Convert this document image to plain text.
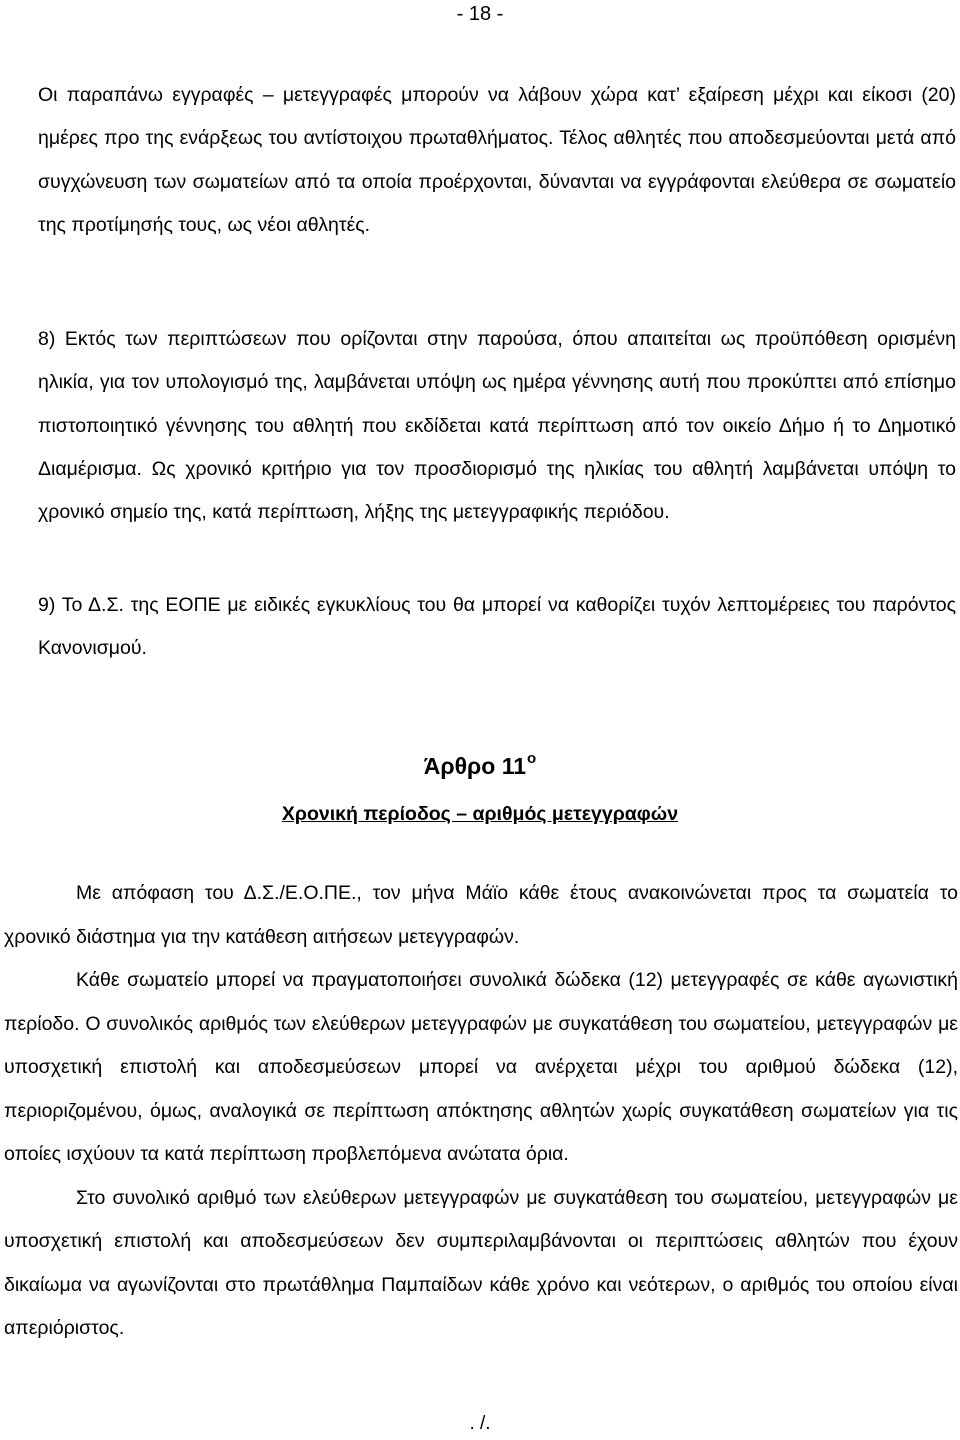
- 18 -

Οι παραπάνω εγγραφές – μετεγγραφές μπορούν να λάβουν χώρα κατ’ εξαίρεση μέχρι και είκοσι (20) ημέρες προ της ενάρξεως του αντίστοιχου πρωταθλήματος. Τέλος αθλητές που αποδεσμεύονται μετά από συγχώνευση των σωματείων από τα οποία προέρχονται, δύνανται να εγγράφονται ελεύθερα σε σωματείο της προτίμησής τους, ως νέοι αθλητές.

8) Εκτός των περιπτώσεων που ορίζονται στην παρούσα, όπου απαιτείται ως προϋπόθεση ορισμένη ηλικία, για τον υπολογισμό της, λαμβάνεται υπόψη ως ημέρα γέννησης αυτή που προκύπτει από επίσημο πιστοποιητικό γέννησης του αθλητή που εκδίδεται κατά περίπτωση από τον οικείο Δήμο ή το Δημοτικό Διαμέρισμα. Ως χρονικό κριτήριο για τον προσδιορισμό της ηλικίας του αθλητή λαμβάνεται υπόψη το χρονικό σημείο της, κατά περίπτωση, λήξης της μετεγγραφικής περιόδου.

9) Το Δ.Σ. της ΕΟΠΕ με ειδικές εγκυκλίους του θα μπορεί να καθορίζει τυχόν λεπτομέρειες του παρόντος Κανονισμού.

Άρθρο $11^o$
Χρονική περίοδος – αριθμός μετεγγραφών

Με απόφαση του Δ.Σ./Ε.Ο.ΠΕ., τον μήνα Μάϊο κάθε έτους ανακοινώνεται προς τα σωματεία το χρονικό διάστημα για την κατάθεση αιτήσεων μετεγγραφών.

Κάθε σωματείο μπορεί να πραγματοποιήσει συνολικά δώδεκα (12) μετεγγραφές σε κάθε αγωνιστική περίοδο. Ο συνολικός αριθμός των ελεύθερων μετεγγραφών με συγκατάθεση του σωματείου, μετεγγραφών με υποσχετική επιστολή και αποδεσμεύσεων μπορεί να ανέρχεται μέχρι του αριθμού δώδεκα (12), περιοριζομένου, όμως, αναλογικά σε περίπτωση απόκτησης αθλητών χωρίς συγκατάθεση σωματείων για τις οποίες ισχύουν τα κατά περίπτωση προβλεπόμενα ανώτατα όρια.

Στο συνολικό αριθμό των ελεύθερων μετεγγραφών με συγκατάθεση του σωματείου, μετεγγραφών με υποσχετική επιστολή και αποδεσμεύσεων δεν συμπεριλαμβάνονται οι περιπτώσεις αθλητών που έχουν δικαίωμα να αγωνίζονται στο πρωτάθλημα Παμπαίδων κάθε χρόνο και νεότερων, ο αριθμός του οποίου είναι απεριόριστος.

. /.
